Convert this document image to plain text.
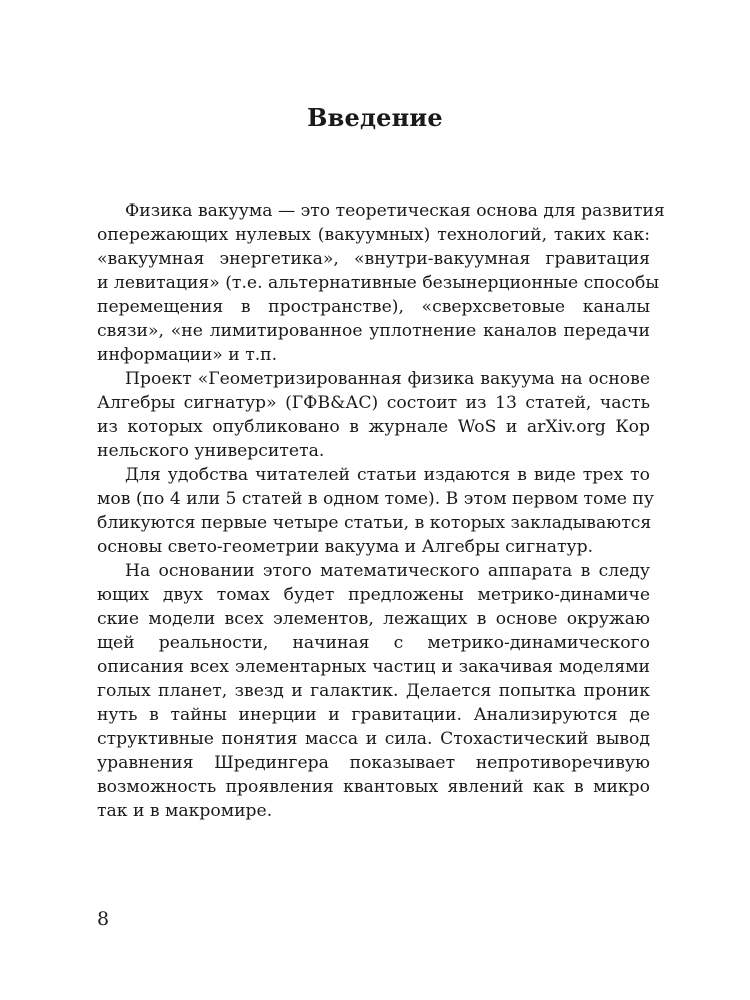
Введение

Физика вакуума — это теоретическая основа для развития
опережающих нулевых (вакуумных) технологий, таких как:
«вакуумная энергетика», «внутри-вакуумная гравитация
и левитация» (т.е. альтернативные безынерционные способы
перемещения в пространстве), «сверхсветовые каналы
связи», «не лимитированное уплотнение каналов передачи
информации» и т.п.

Проект «Геометризированная физика вакуума на основе
Алгебры сигнатур» (ГФВ&АС) состоит из 13 статей, часть
из которых опубликовано в журнале WoS и arXiv.org Кор
нельского университета.

Для удобства читателей статьи издаются в виде трех то
мов (по 4 или 5 статей в одном томе). В этом первом томе пу
бликуются первые четыре статьи, в которых закладываются
основы свето-геометрии вакуума и Алгебры сигнатур.

На основании этого математического аппарата в следу
ющих двух томах будет предложены метрико-динамиче
ские модели всех элементов, лежащих в основе окружаю
щей реальности, начиная с метрико-динамического
описания всех элементарных частиц и закачивая моделями
голых планет, звезд и галактик. Делается попытка проник
нуть в тайны инерции и гравитации. Анализируются де
структивные понятия масса и сила. Стохастический вывод
уравнения Шредингера показывает непротиворечивую
возможность проявления квантовых явлений как в микро
так и в макромире.

8
